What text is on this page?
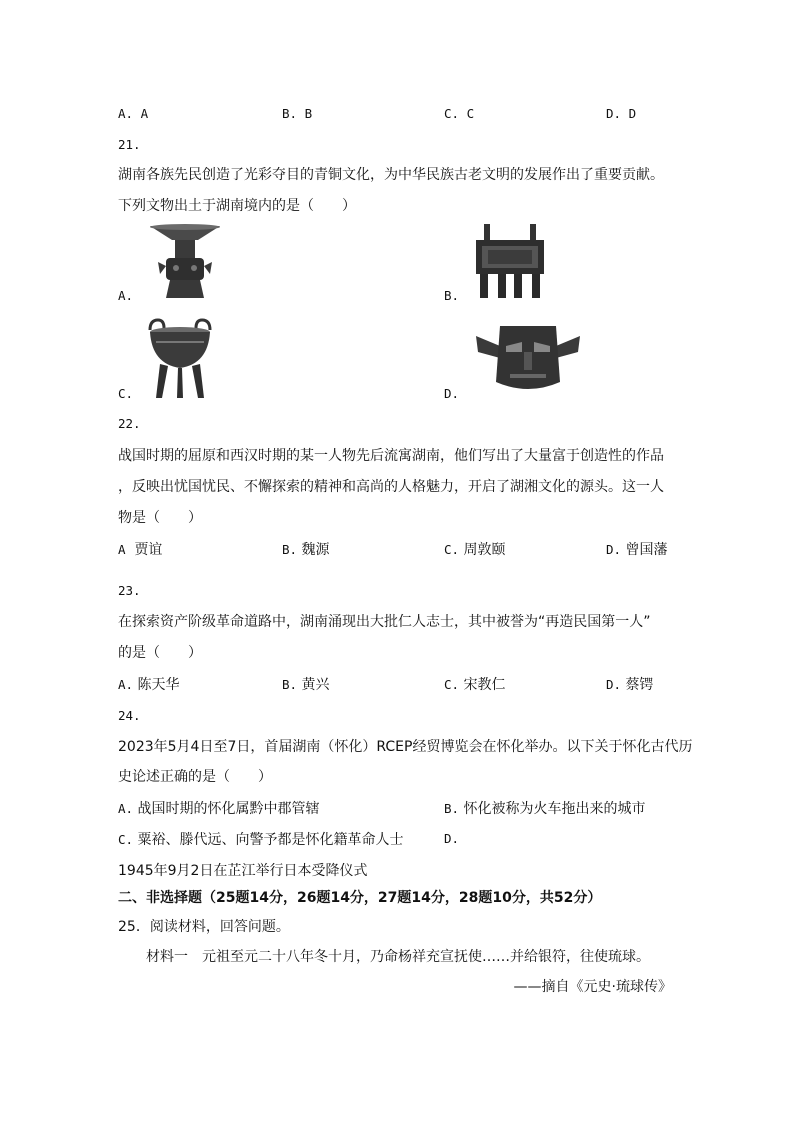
A. A	B. B	C. C	D. D
21.
湖南各族先民创造了光彩夺目的青铜文化，为中华民族古老文明的发展作出了重要贡献。
下列文物出土于湖南境内的是（　　）
A.	B.
C.	D.
22.
战国时期的屈原和西汉时期的某一人物先后流寓湖南，他们写出了大量富于创造性的作品
，反映出忧国忧民、不懈探索的精神和高尚的人格魅力，开启了湖湘文化的源头。这一人
物是（　　）
A 贾谊	B. 魏源	C. 周敦颐	D. 曾国藩
23.
在探索资产阶级革命道路中，湖南涌现出大批仁人志士，其中被誉为“再造民国第一人”
的是（　　）
A. 陈天华	B. 黄兴	C. 宋教仁	D. 蔡锷
24.
2023年5月4日至7日，首届湖南（怀化）RCEP经贸博览会在怀化举办。以下关于怀化古代历
史论述正确的是（　　）
A. 战国时期的怀化属黔中郡管辖	B. 怀化被称为火车拖出来的城市
C. 粟裕、滕代远、向警予都是怀化籍革命人士	D.
1945年9月2日在芷江举行日本受降仪式
二、非选择题（25题14分，26题14分，27题14分，28题10分，共52分）
25．阅读材料，回答问题。
材料一　元祖至元二十八年冬十月，乃命杨祥充宣抚使……并给银符，往使琉球。
——摘自《元史·琉球传》
